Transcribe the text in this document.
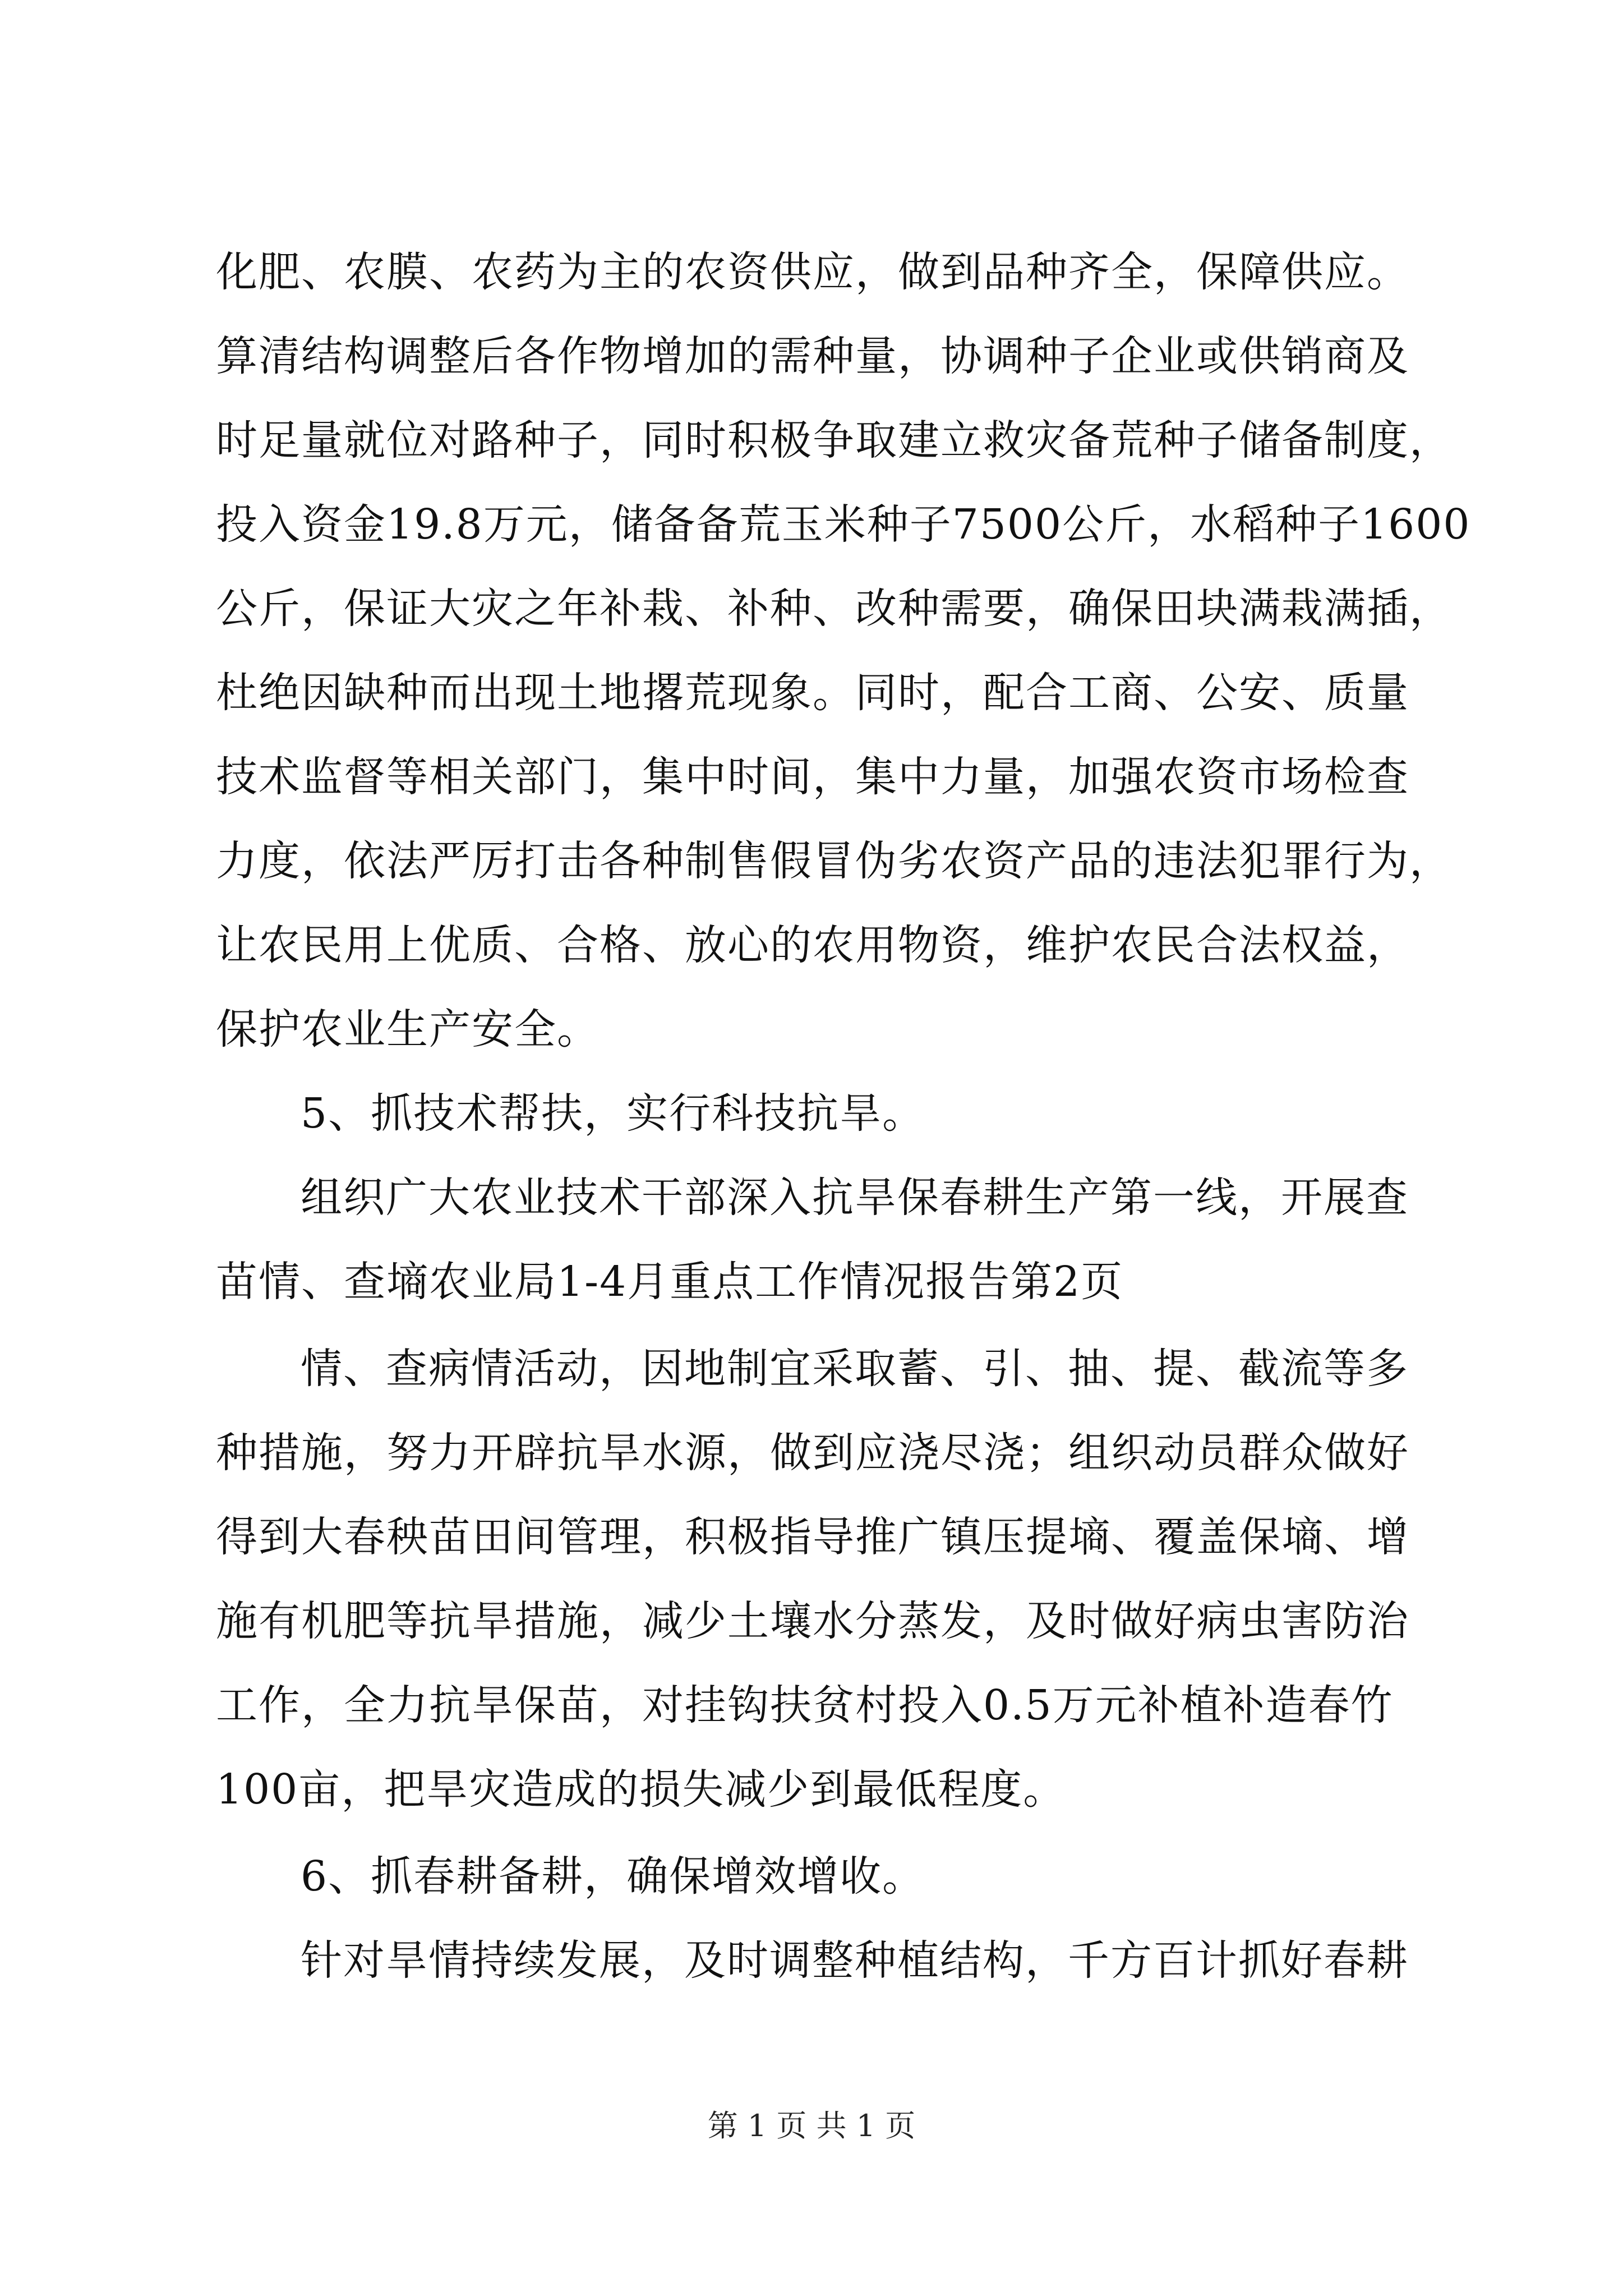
化肥、农膜、农药为主的农资供应，做到品种齐全，保障供应。
算清结构调整后各作物增加的需种量，协调种子企业或供销商及
时足量就位对路种子，同时积极争取建立救灾备荒种子储备制度，
投入资金19.8万元，储备备荒玉米种子7500公斤，水稻种子1600
公斤，保证大灾之年补栽、补种、改种需要，确保田块满栽满插，
杜绝因缺种而出现土地撂荒现象。同时，配合工商、公安、质量
技术监督等相关部门，集中时间，集中力量，加强农资市场检查
力度，依法严厉打击各种制售假冒伪劣农资产品的违法犯罪行为，
让农民用上优质、合格、放心的农用物资，维护农民合法权益，
保护农业生产安全。
5、抓技术帮扶，实行科技抗旱。
组织广大农业技术干部深入抗旱保春耕生产第一线，开展查
苗情、查墒农业局1-4月重点工作情况报告第2页
情、查病情活动，因地制宜采取蓄、引、抽、提、截流等多
种措施，努力开辟抗旱水源，做到应浇尽浇；组织动员群众做好
得到大春秧苗田间管理，积极指导推广镇压提墒、覆盖保墒、增
施有机肥等抗旱措施，减少土壤水分蒸发，及时做好病虫害防治
工作，全力抗旱保苗，对挂钩扶贫村投入0.5万元补植补造春竹
100亩，把旱灾造成的损失减少到最低程度。
6、抓春耕备耕，确保增效增收。
针对旱情持续发展，及时调整种植结构，千方百计抓好春耕
第 1 页 共 1 页
